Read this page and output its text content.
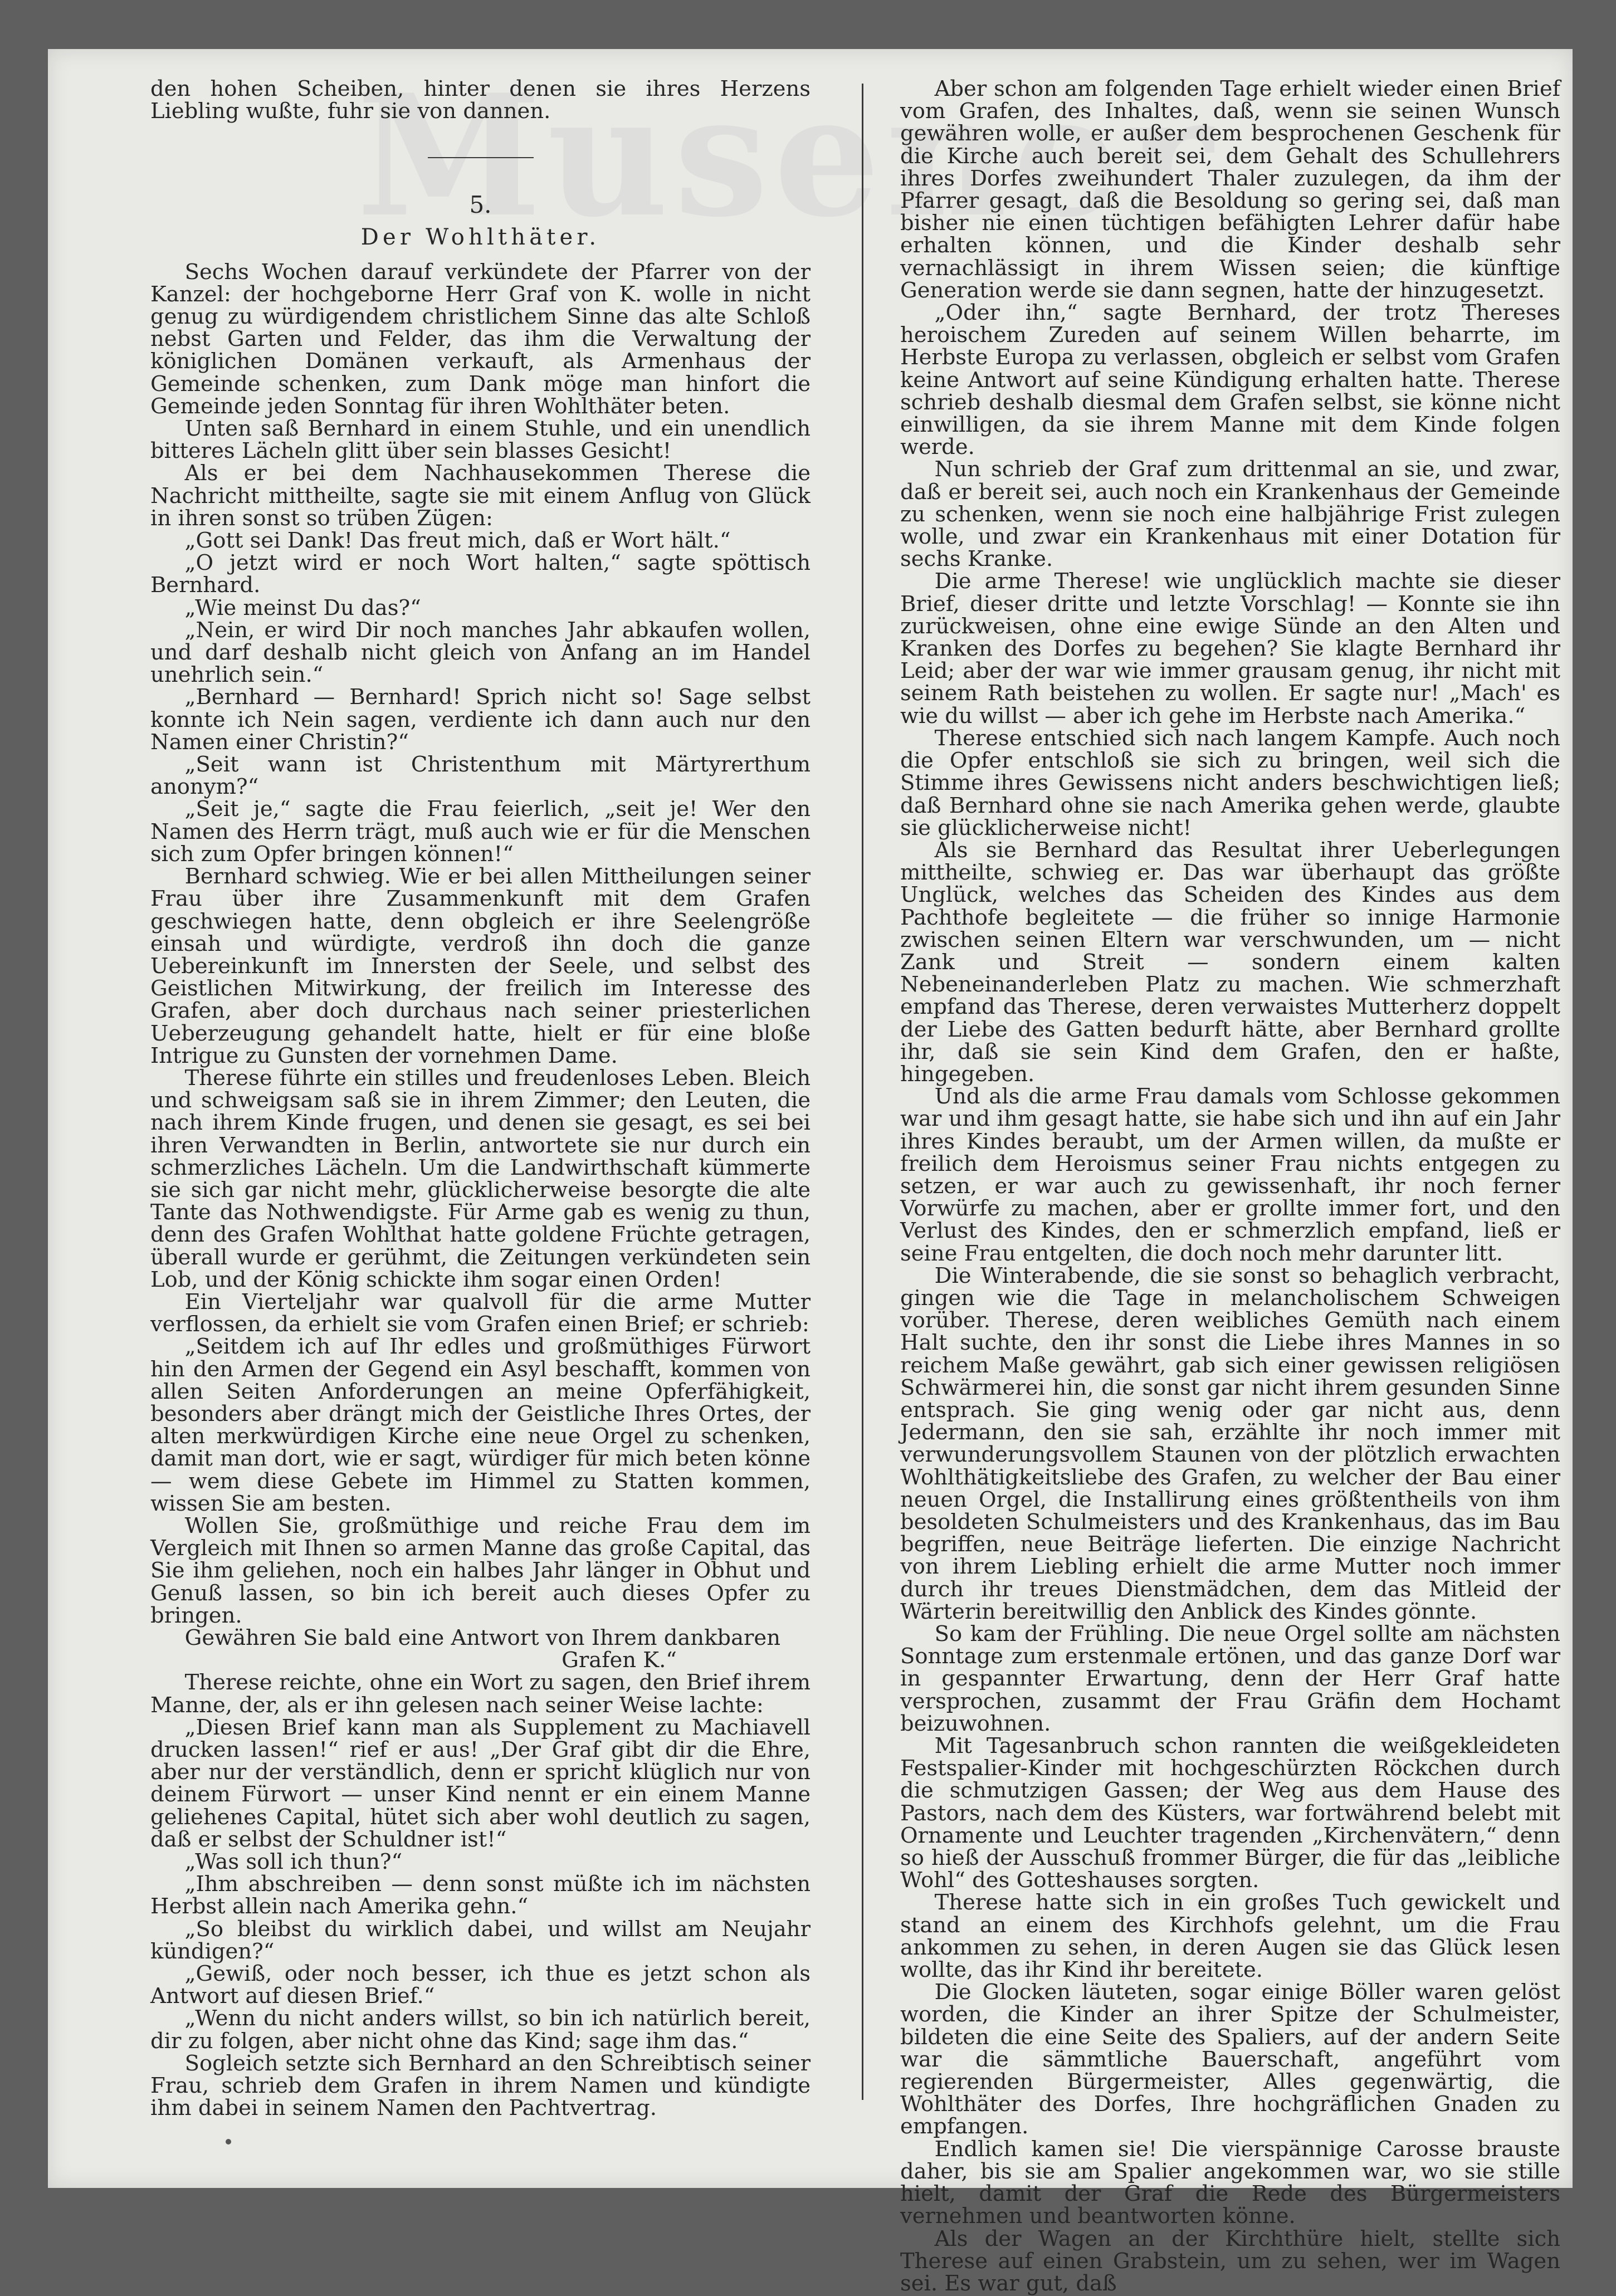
den hohen Scheiben, hinter denen sie ihres Herzens Liebling wußte, fuhr sie von dannen.

5.

Der Wohlthäter.

Sechs Wochen darauf verkündete der Pfarrer von der Kanzel: der hochgeborne Herr Graf von K. wolle in nicht genug zu würdigendem christlichem Sinne das alte Schloß nebst Garten und Felder, das ihm die Verwaltung der königlichen Domänen verkauft, als Armenhaus der Gemeinde schenken, zum Dank möge man hinfort die Gemeinde jeden Sonntag für ihren Wohlthäter beten.

Unten saß Bernhard in einem Stuhle, und ein unendlich bitteres Lächeln glitt über sein blasses Gesicht!

Als er bei dem Nachhausekommen Therese die Nachricht mittheilte, sagte sie mit einem Anflug von Glück in ihren sonst so trüben Zügen:

„Gott sei Dank! Das freut mich, daß er Wort hält.“

„O jetzt wird er noch Wort halten,“ sagte spöttisch Bernhard.

„Wie meinst Du das?“

„Nein, er wird Dir noch manches Jahr abkaufen wollen, und darf deshalb nicht gleich von Anfang an im Handel unehrlich sein.“

„Bernhard — Bernhard! Sprich nicht so! Sage selbst konnte ich Nein sagen, verdiente ich dann auch nur den Namen einer Christin?“

„Seit wann ist Christenthum mit Märtyrerthum anonym?“

„Seit je,“ sagte die Frau feierlich, „seit je! Wer den Namen des Herrn trägt, muß auch wie er für die Menschen sich zum Opfer bringen können!“

Bernhard schwieg. Wie er bei allen Mittheilungen seiner Frau über ihre Zusammenkunft mit dem Grafen geschwiegen hatte, denn obgleich er ihre Seelengröße einsah und würdigte, verdroß ihn doch die ganze Uebereinkunft im Innersten der Seele, und selbst des Geistlichen Mitwirkung, der freilich im Interesse des Grafen, aber doch durchaus nach seiner priesterlichen Ueberzeugung gehandelt hatte, hielt er für eine bloße Intrigue zu Gunsten der vornehmen Dame.

Therese führte ein stilles und freudenloses Leben. Bleich und schweigsam saß sie in ihrem Zimmer; den Leuten, die nach ihrem Kinde frugen, und denen sie gesagt, es sei bei ihren Verwandten in Berlin, antwortete sie nur durch ein schmerzliches Lächeln. Um die Landwirthschaft kümmerte sie sich gar nicht mehr, glücklicherweise besorgte die alte Tante das Nothwendigste. Für Arme gab es wenig zu thun, denn des Grafen Wohlthat hatte goldene Früchte getragen, überall wurde er gerühmt, die Zeitungen verkündeten sein Lob, und der König schickte ihm sogar einen Orden!

Ein Vierteljahr war qualvoll für die arme Mutter verflossen, da erhielt sie vom Grafen einen Brief; er schrieb:

„Seitdem ich auf Ihr edles und großmüthiges Fürwort hin den Armen der Gegend ein Asyl beschafft, kommen von allen Seiten Anforderungen an meine Opferfähigkeit, besonders aber drängt mich der Geistliche Ihres Ortes, der alten merkwürdigen Kirche eine neue Orgel zu schenken, damit man dort, wie er sagt, würdiger für mich beten könne — wem diese Gebete im Himmel zu Statten kommen, wissen Sie am besten.

Wollen Sie, großmüthige und reiche Frau dem im Vergleich mit Ihnen so armen Manne das große Capital, das Sie ihm geliehen, noch ein halbes Jahr länger in Obhut und Genuß lassen, so bin ich bereit auch dieses Opfer zu bringen.

Gewähren Sie bald eine Antwort von Ihrem dankbaren

Grafen K.“

Therese reichte, ohne ein Wort zu sagen, den Brief ihrem Manne, der, als er ihn gelesen nach seiner Weise lachte:

„Diesen Brief kann man als Supplement zu Machiavell drucken lassen!“ rief er aus! „Der Graf gibt dir die Ehre, aber nur der verständlich, denn er spricht klüglich nur von deinem Fürwort — unser Kind nennt er ein einem Manne geliehenes Capital, hütet sich aber wohl deutlich zu sagen, daß er selbst der Schuldner ist!“

„Was soll ich thun?“

„Ihm abschreiben — denn sonst müßte ich im nächsten Herbst allein nach Amerika gehn.“

„So bleibst du wirklich dabei, und willst am Neujahr kündigen?“

„Gewiß, oder noch besser, ich thue es jetzt schon als Antwort auf diesen Brief.“

„Wenn du nicht anders willst, so bin ich natürlich bereit, dir zu folgen, aber nicht ohne das Kind; sage ihm das.“

Sogleich setzte sich Bernhard an den Schreibtisch seiner Frau, schrieb dem Grafen in ihrem Namen und kündigte ihm dabei in seinem Namen den Pachtvertrag.

Aber schon am folgenden Tage erhielt wieder einen Brief vom Grafen, des Inhaltes, daß, wenn sie seinen Wunsch gewähren wolle, er außer dem besprochenen Geschenk für die Kirche auch bereit sei, dem Gehalt des Schullehrers ihres Dorfes zweihundert Thaler zuzulegen, da ihm der Pfarrer gesagt, daß die Besoldung so gering sei, daß man bisher nie einen tüchtigen befähigten Lehrer dafür habe erhalten können, und die Kinder deshalb sehr vernachlässigt in ihrem Wissen seien; die künftige Generation werde sie dann segnen, hatte der hinzugesetzt.

„Oder ihn,“ sagte Bernhard, der trotz Thereses heroischem Zureden auf seinem Willen beharrte, im Herbste Europa zu verlassen, obgleich er selbst vom Grafen keine Antwort auf seine Kündigung erhalten hatte. Therese schrieb deshalb diesmal dem Grafen selbst, sie könne nicht einwilligen, da sie ihrem Manne mit dem Kinde folgen werde.

Nun schrieb der Graf zum drittenmal an sie, und zwar, daß er bereit sei, auch noch ein Krankenhaus der Gemeinde zu schenken, wenn sie noch eine halbjährige Frist zulegen wolle, und zwar ein Krankenhaus mit einer Dotation für sechs Kranke.

Die arme Therese! wie unglücklich machte sie dieser Brief, dieser dritte und letzte Vorschlag! — Konnte sie ihn zurückweisen, ohne eine ewige Sünde an den Alten und Kranken des Dorfes zu begehen? Sie klagte Bernhard ihr Leid; aber der war wie immer grausam genug, ihr nicht mit seinem Rath beistehen zu wollen. Er sagte nur! „Mach' es wie du willst — aber ich gehe im Herbste nach Amerika.“

Therese entschied sich nach langem Kampfe. Auch noch die Opfer entschloß sie sich zu bringen, weil sich die Stimme ihres Gewissens nicht anders beschwichtigen ließ; daß Bernhard ohne sie nach Amerika gehen werde, glaubte sie glücklicherweise nicht!

Als sie Bernhard das Resultat ihrer Ueberlegungen mittheilte, schwieg er. Das war überhaupt das größte Unglück, welches das Scheiden des Kindes aus dem Pachthofe begleitete — die früher so innige Harmonie zwischen seinen Eltern war verschwunden, um — nicht Zank und Streit — sondern einem kalten Nebeneinanderleben Platz zu machen. Wie schmerzhaft empfand das Therese, deren verwaistes Mutterherz doppelt der Liebe des Gatten bedurft hätte, aber Bernhard grollte ihr, daß sie sein Kind dem Grafen, den er haßte, hingegeben.

Und als die arme Frau damals vom Schlosse gekommen war und ihm gesagt hatte, sie habe sich und ihn auf ein Jahr ihres Kindes beraubt, um der Armen willen, da mußte er freilich dem Heroismus seiner Frau nichts entgegen zu setzen, er war auch zu gewissenhaft, ihr noch ferner Vorwürfe zu machen, aber er grollte immer fort, und den Verlust des Kindes, den er schmerzlich empfand, ließ er seine Frau entgelten, die doch noch mehr darunter litt.

Die Winterabende, die sie sonst so behaglich verbracht, gingen wie die Tage in melancholischem Schweigen vorüber. Therese, deren weibliches Gemüth nach einem Halt suchte, den ihr sonst die Liebe ihres Mannes in so reichem Maße gewährt, gab sich einer gewissen religiösen Schwärmerei hin, die sonst gar nicht ihrem gesunden Sinne entsprach. Sie ging wenig oder gar nicht aus, denn Jedermann, den sie sah, erzählte ihr noch immer mit verwunderungsvollem Staunen von der plötzlich erwachten Wohlthätigkeitsliebe des Grafen, zu welcher der Bau einer neuen Orgel, die Installirung eines größtentheils von ihm besoldeten Schulmeisters und des Krankenhaus, das im Bau begriffen, neue Beiträge lieferten. Die einzige Nachricht von ihrem Liebling erhielt die arme Mutter noch immer durch ihr treues Dienstmädchen, dem das Mitleid der Wärterin bereitwillig den Anblick des Kindes gönnte.

So kam der Frühling. Die neue Orgel sollte am nächsten Sonntage zum erstenmale ertönen, und das ganze Dorf war in gespannter Erwartung, denn der Herr Graf hatte versprochen, zusammt der Frau Gräfin dem Hochamt beizuwohnen.

Mit Tagesanbruch schon rannten die weißgekleideten Festspalier-Kinder mit hochgeschürzten Röckchen durch die schmutzigen Gassen; der Weg aus dem Hause des Pastors, nach dem des Küsters, war fortwährend belebt mit Ornamente und Leuchter tragenden „Kirchenvätern,“ denn so hieß der Ausschuß frommer Bürger, die für das „leibliche Wohl“ des Gotteshauses sorgten.

Therese hatte sich in ein großes Tuch gewickelt und stand an einem des Kirchhofs gelehnt, um die Frau ankommen zu sehen, in deren Augen sie das Glück lesen wollte, das ihr Kind ihr bereitete.

Die Glocken läuteten, sogar einige Böller waren gelöst worden, die Kinder an ihrer Spitze der Schulmeister, bildeten die eine Seite des Spaliers, auf der andern Seite war die sämmtliche Bauerschaft, angeführt vom regierenden Bürgermeister, Alles gegenwärtig, die Wohlthäter des Dorfes, Ihre hochgräflichen Gnaden zu empfangen.

Endlich kamen sie! Die vierspännige Carosse brauste daher, bis sie am Spalier angekommen war, wo sie stille hielt, damit der Graf die Rede des Bürgermeisters vernehmen und beantworten könne.

Als der Wagen an der Kirchthüre hielt, stellte sich Therese auf einen Grabstein, um zu sehen, wer im Wagen sei. Es war gut, daß
